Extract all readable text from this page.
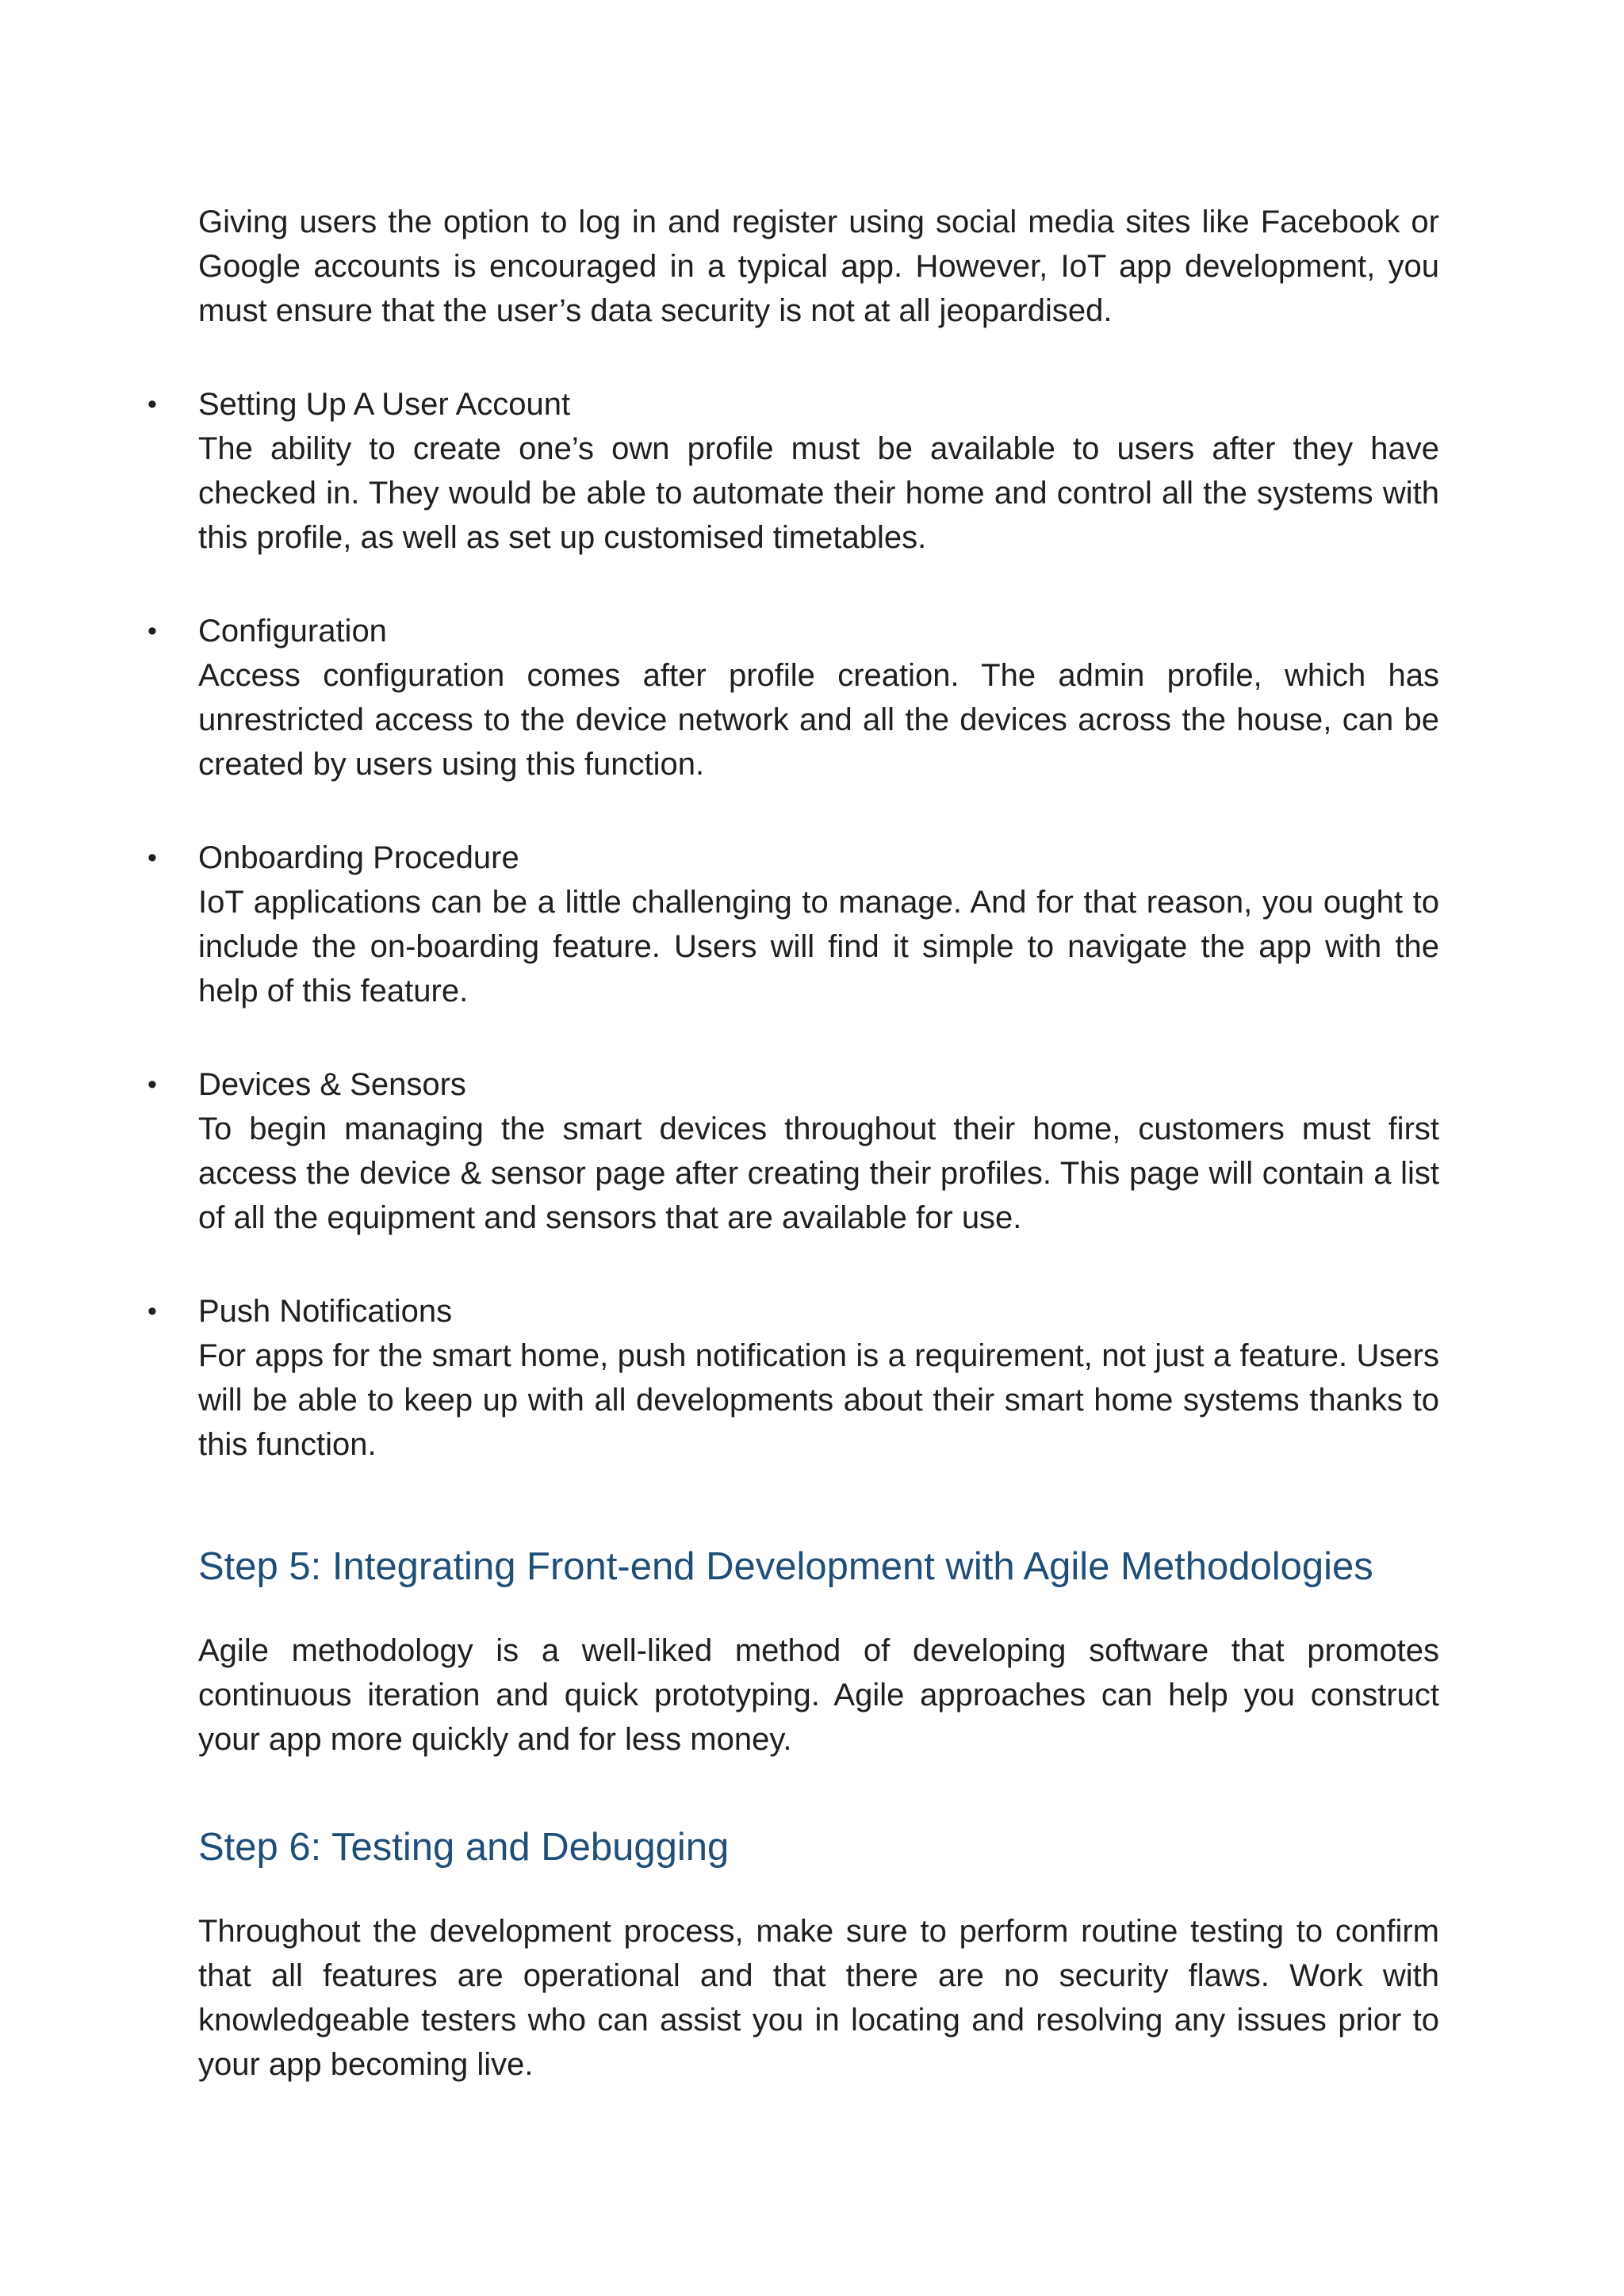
Giving users the option to log in and register using social media sites like Facebook or Google accounts is encouraged in a typical app. However, IoT app development, you must ensure that the user’s data security is not at all jeopardised.

• Setting Up A User Account

The ability to create one’s own profile must be available to users after they have checked in. They would be able to automate their home and control all the systems with this profile, as well as set up customised timetables.

• Configuration

Access configuration comes after profile creation. The admin profile, which has unrestricted access to the device network and all the devices across the house, can be created by users using this function.

• Onboarding Procedure

IoT applications can be a little challenging to manage. And for that reason, you ought to include the on-boarding feature. Users will find it simple to navigate the app with the help of this feature.

• Devices & Sensors

To begin managing the smart devices throughout their home, customers must first access the device & sensor page after creating their profiles. This page will contain a list of all the equipment and sensors that are available for use.

• Push Notifications

For apps for the smart home, push notification is a requirement, not just a feature. Users will be able to keep up with all developments about their smart home systems thanks to this function.

Step 5: Integrating Front-end Development with Agile Methodologies

Agile methodology is a well-liked method of developing software that promotes continuous iteration and quick prototyping. Agile approaches can help you construct your app more quickly and for less money.

Step 6: Testing and Debugging

Throughout the development process, make sure to perform routine testing to confirm that all features are operational and that there are no security flaws. Work with knowledgeable testers who can assist you in locating and resolving any issues prior to your app becoming live.
